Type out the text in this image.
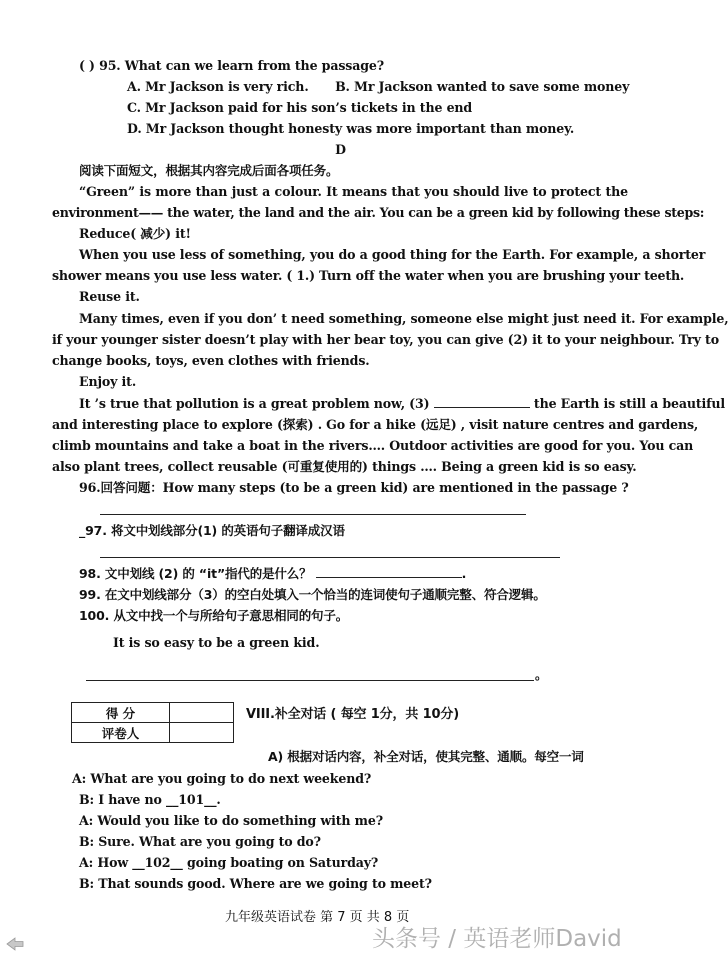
( ) 95. What can we learn from the passage?
A. Mr Jackson is very rich. B. Mr Jackson wanted to save some money
C. Mr Jackson paid for his son’s tickets in the end
D. Mr Jackson thought honesty was more important than money.
D
阅读下面短文，根据其内容完成后面各项任务。
“Green” is more than just a colour. It means that you should live to protect the
environment—— the water, the land and the air. You can be a green kid by following these steps:
Reduce( 减少) it!
When you use less of something, you do a good thing for the Earth. For example, a shorter
shower means you use less water. ( 1.) Turn off the water when you are brushing your teeth.
Reuse it.
Many times, even if you don’ t need something, someone else might just need it. For example,
if your younger sister doesn’t play with her bear toy, you can give (2) it to your neighbour. Try to
change books, toys, even clothes with friends.
Enjoy it.
It ’s true that pollution is a great problem now, (3)	the Earth is still a beautiful
and interesting place to explore (探索) . Go for a hike (远足) , visit nature centres and gardens,
climb mountains and take a boat in the rivers…. Outdoor activities are good for you. You can
also plant trees, collect reusable (可重复使用的) things …. Being a green kid is so easy.
96.回答问题：How many steps (to be a green kid) are mentioned in the passage ?
_97. 将文中划线部分(1) 的英语句子翻译成汉语
98. 文中划线 (2) 的 “it”指代的是什么？	.
99. 在文中划线部分（3）的空白处填入一个恰当的连词使句子通顺完整、符合逻辑。
100. 从文中找一个与所给句子意思相同的句子。
It is so easy to be a green kid.
。
得 分	
评卷人	
VIII.补全对话 ( 每空 1分，共 10分)
A) 根据对话内容，补全对话，使其完整、通顺。每空一词
A: What are you going to do next weekend?
B: I have no __101__.
A: Would you like to do something with me?
B: Sure. What are you going to do?
A: How __102__ going boating on Saturday?
B: That sounds good. Where are we going to meet?
九年级英语试卷 第 7 页 共 8 页
头条号 / 英语老师David
